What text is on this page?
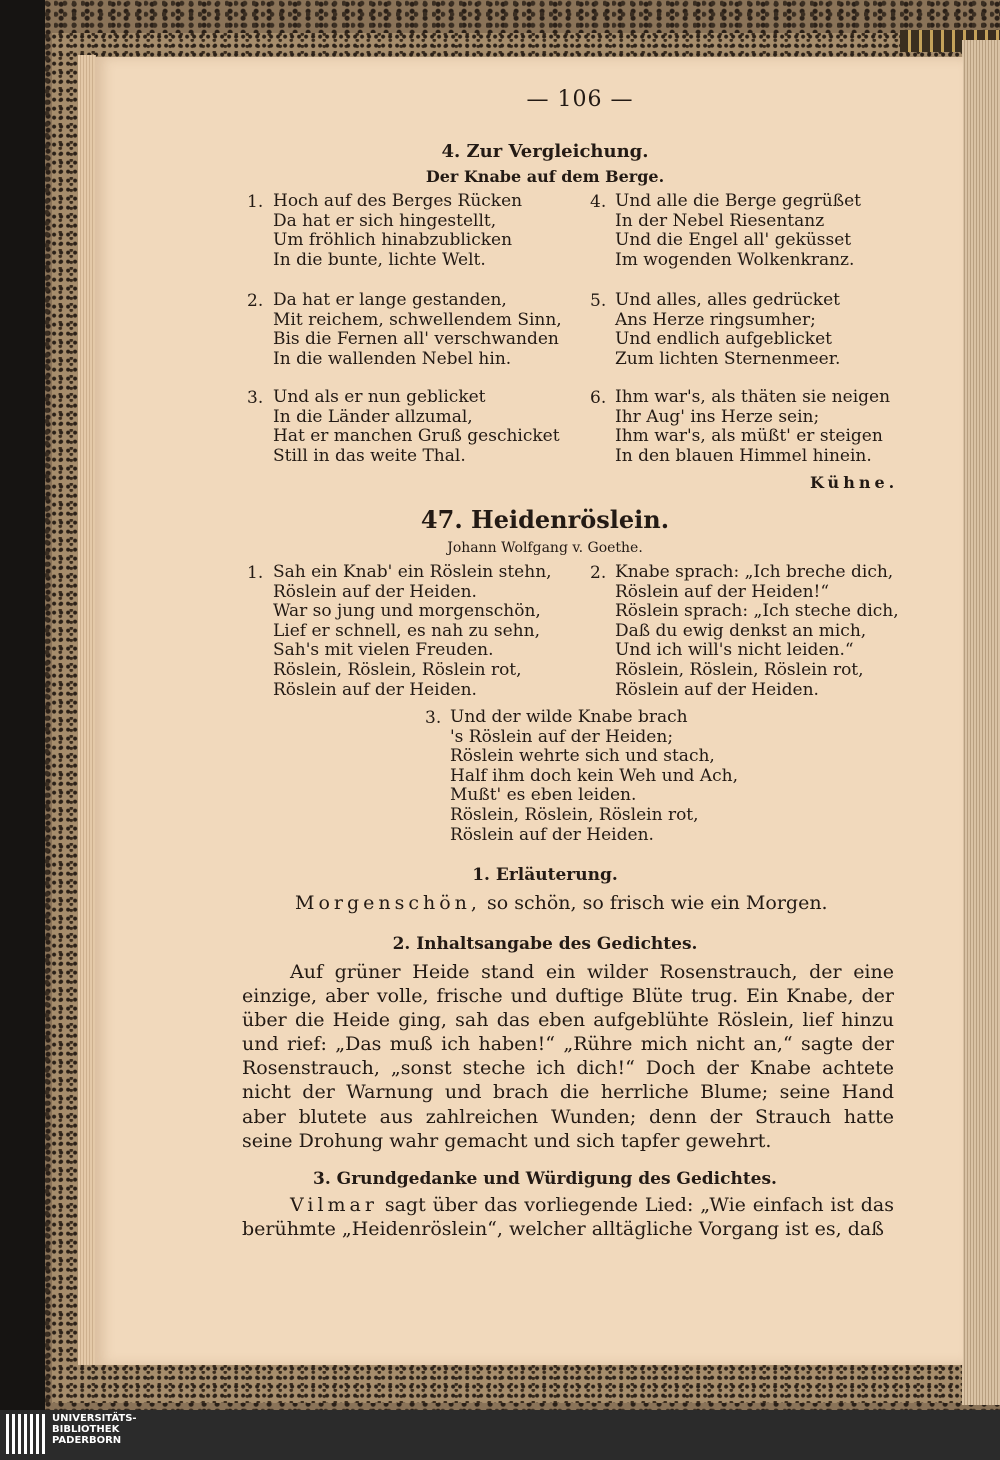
— 106 —
4. Zur Vergleichung.
Der Knabe auf dem Berge.
1. Hoch auf des Berges Rücken
Da hat er sich hingestellt,
Um fröhlich hinabzublicken
In die bunte, lichte Welt.
2. Da hat er lange gestanden,
Mit reichem, schwellendem Sinn,
Bis die Fernen all' verschwanden
In die wallenden Nebel hin.
3. Und als er nun geblicket
In die Länder allzumal,
Hat er manchen Gruß geschicket
Still in das weite Thal.
4. Und alle die Berge gegrüßet
In der Nebel Riesentanz
Und die Engel all' geküsset
Im wogenden Wolkenkranz.
5. Und alles, alles gedrücket
Ans Herze ringsumher;
Und endlich aufgeblicket
Zum lichten Sternenmeer.
6. Ihm war's, als thäten sie neigen
Ihr Aug' ins Herze sein;
Ihm war's, als müßt' er steigen
In den blauen Himmel hinein.
Kühne.
47. Heidenröslein.
Johann Wolfgang v. Goethe.
1. Sah ein Knab' ein Röslein stehn,
Röslein auf der Heiden.
War so jung und morgenschön,
Lief er schnell, es nah zu sehn,
Sah's mit vielen Freuden.
Röslein, Röslein, Röslein rot,
Röslein auf der Heiden.
2. Knabe sprach: „Ich breche dich,
Röslein auf der Heiden!“
Röslein sprach: „Ich steche dich,
Daß du ewig denkst an mich,
Und ich will's nicht leiden.“
Röslein, Röslein, Röslein rot,
Röslein auf der Heiden.
3. Und der wilde Knabe brach
's Röslein auf der Heiden;
Röslein wehrte sich und stach,
Half ihm doch kein Weh und Ach,
Mußt' es eben leiden.
Röslein, Röslein, Röslein rot,
Röslein auf der Heiden.
1. Erläuterung.
Morgenschön, so schön, so frisch wie ein Morgen.
2. Inhaltsangabe des Gedichtes.
Auf grüner Heide stand ein wilder Rosenstrauch, der eine einzige, aber volle, frische und duftige Blüte trug. Ein Knabe, der über die Heide ging, sah das eben aufgeblühte Röslein, lief hinzu und rief: „Das muß ich haben!“ „Rühre mich nicht an,“ sagte der Rosenstrauch, „sonst steche ich dich!“ Doch der Knabe achtete nicht der Warnung und brach die herrliche Blume; seine Hand aber blutete aus zahlreichen Wunden; denn der Strauch hatte seine Drohung wahr gemacht und sich tapfer gewehrt.
3. Grundgedanke und Würdigung des Gedichtes.
Vilmar sagt über das vorliegende Lied: „Wie einfach ist das berühmte „Heidenröslein“, welcher alltägliche Vorgang ist es, daß
UNIVERSITÄTS-
BIBLIOTHEK
PADERBORN
